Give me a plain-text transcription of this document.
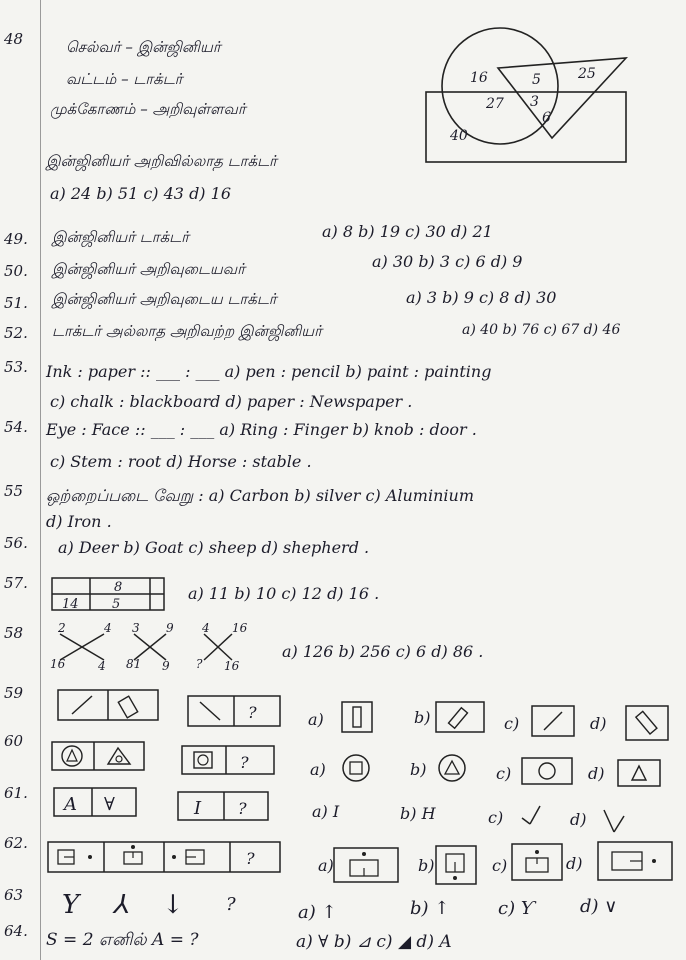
48	செல்வர் – இன்ஜினியர்
வட்டம் – டாக்டர்
முக்கோணம் – அறிவுள்ளவர்
இன்ஜினியர் அறிவில்லாத டாக்டர்
a) 24 b) 51 c) 43 d) 16
16	5	25
27 3
6
40
49. இன்ஜினியர் டாக்டர்	a) 8 b) 19 c) 30 d) 21
50. இன்ஜினியர் அறிவுடையவர்	a) 30 b) 3 c) 6 d) 9
51. இன்ஜினியர் அறிவுடைய டாக்டர்	a) 3 b) 9 c) 8 d) 30
52. டாக்டர் அல்லாத அறிவற்ற இன்ஜினியர்	a) 40 b) 76 c) 67 d) 46
53. Ink : paper :: ___ : ___ a) pen : pencil b) paint : painting
c) chalk : blackboard d) paper : Newspaper .
54. Eye : Face :: ___ : ___ a) Ring : Finger b) knob : door .
c) Stem : root d) Horse : stable .
55 ஒற்றைப்படை வேறு : a) Carbon b) silver c) Aluminium
d) Iron .
56. a) Deer b) Goat c) sheep d) shepherd .
57.	8
14	5
a) 11 b) 10 c) 12 d) 16 .
58	2	4
16	4
3 9
81 9
4 16
? 16
a) 126 b) 256 c) 6 d) 86 .
59
?	a)	b)	c)	d)
60
?	a)	b)	c)	d)
61.
A ∀	I ?	a) I	b) H	c)	d)
62.
?	a)	b)	c)	d)
63 Y ⅄ ↓ ?	a) ↑	b) ↑	c) Ƴ	d) ∨
64. S = 2 எனில் A = ?	a) ∀ b) ⊿ c) ◢ d) A
